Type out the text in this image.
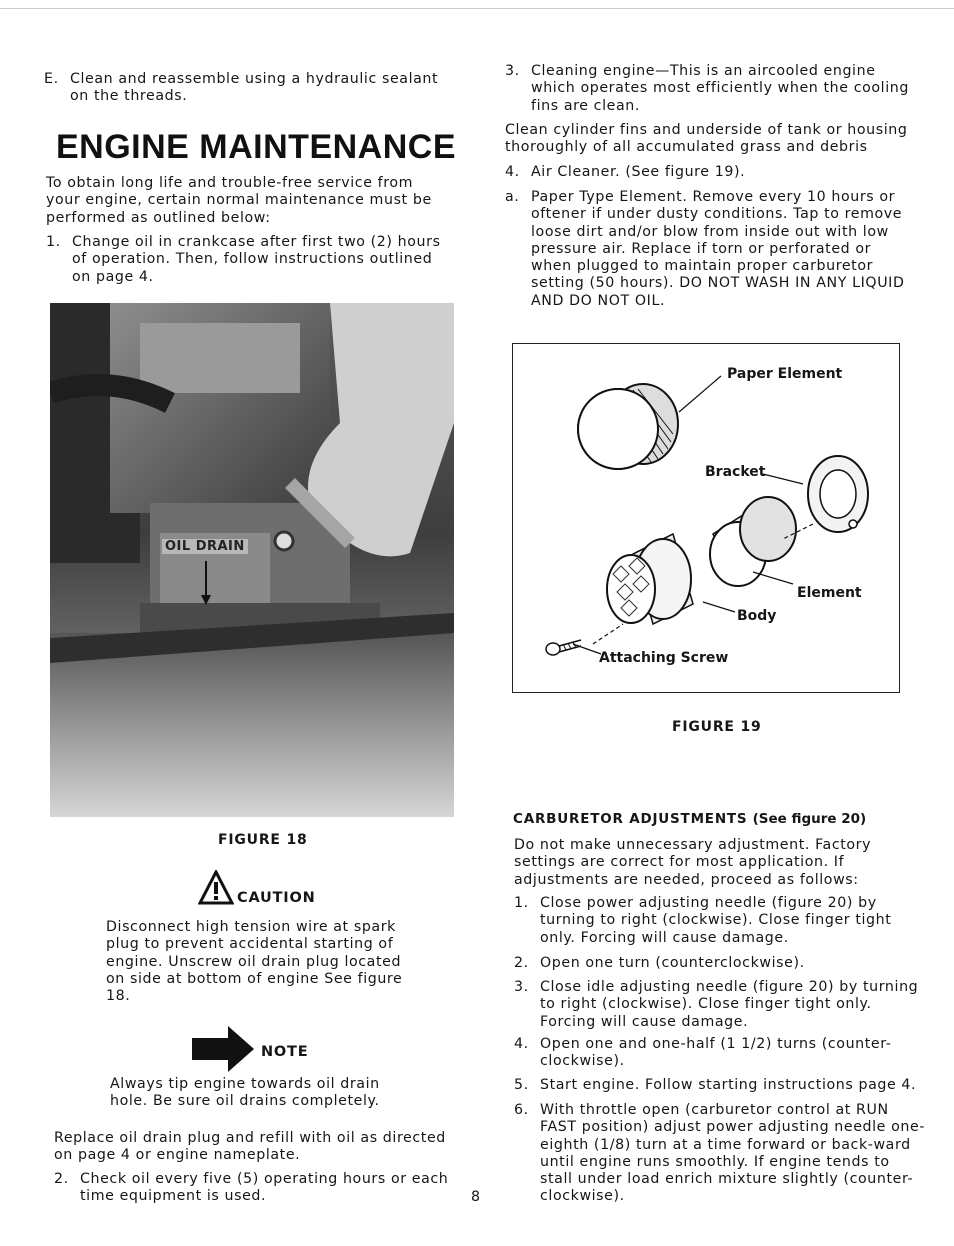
E. Clean and reassemble using a hydraulic sealant on the threads.
ENGINE MAINTENANCE
To obtain long life and trouble-free service from your engine, certain normal maintenance must be performed as outlined below:
1. Change oil in crankcase after first two (2) hours of operation. Then, follow instructions outlined on page 4.
OIL DRAIN
FIGURE 18
CAUTION
Disconnect high tension wire at spark plug to prevent accidental starting of engine. Unscrew oil drain plug located on side at bottom of engine See figure 18.
NOTE
Always tip engine towards oil drain hole. Be sure oil drains completely.
Replace oil drain plug and refill with oil as directed on page 4 or engine nameplate.
2. Check oil every five (5) operating hours or each time equipment is used.	8
3. Cleaning engine—This is an aircooled engine which operates most efficiently when the cooling fins are clean.
Clean cylinder fins and underside of tank or housing thoroughly of all accumulated grass and debris
4. Air Cleaner. (See figure 19).
a. Paper Type Element. Remove every 10 hours or oftener if under dusty conditions. Tap to remove loose dirt and/or blow from inside out with low pressure air. Replace if torn or perforated or when plugged to maintain proper carburetor setting (50 hours). DO NOT WASH IN ANY LIQUID AND DO NOT OIL.
Paper Element
Bracket
Element
Body
Attaching Screw
FIGURE 19
CARBURETOR ADJUSTMENTS (See figure 20)
Do not make unnecessary adjustment. Factory settings are correct for most application. If adjustments are needed, proceed as follows:
1. Close power adjusting needle (figure 20) by turning to right (clockwise). Close finger tight only. Forcing will cause damage.
2. Open one turn (counterclockwise).
3. Close idle adjusting needle (figure 20) by turning to right (clockwise). Close finger tight only. Forcing will cause damage.
4. Open one and one-half (1 1/2) turns (counter-clockwise).
5. Start engine. Follow starting instructions page 4.
6. With throttle open (carburetor control at RUN FAST position) adjust power adjusting needle one-eighth (1/8) turn at a time forward or back-ward until engine runs smoothly. If engine tends to stall under load enrich mixture slightly (counter-clockwise).
